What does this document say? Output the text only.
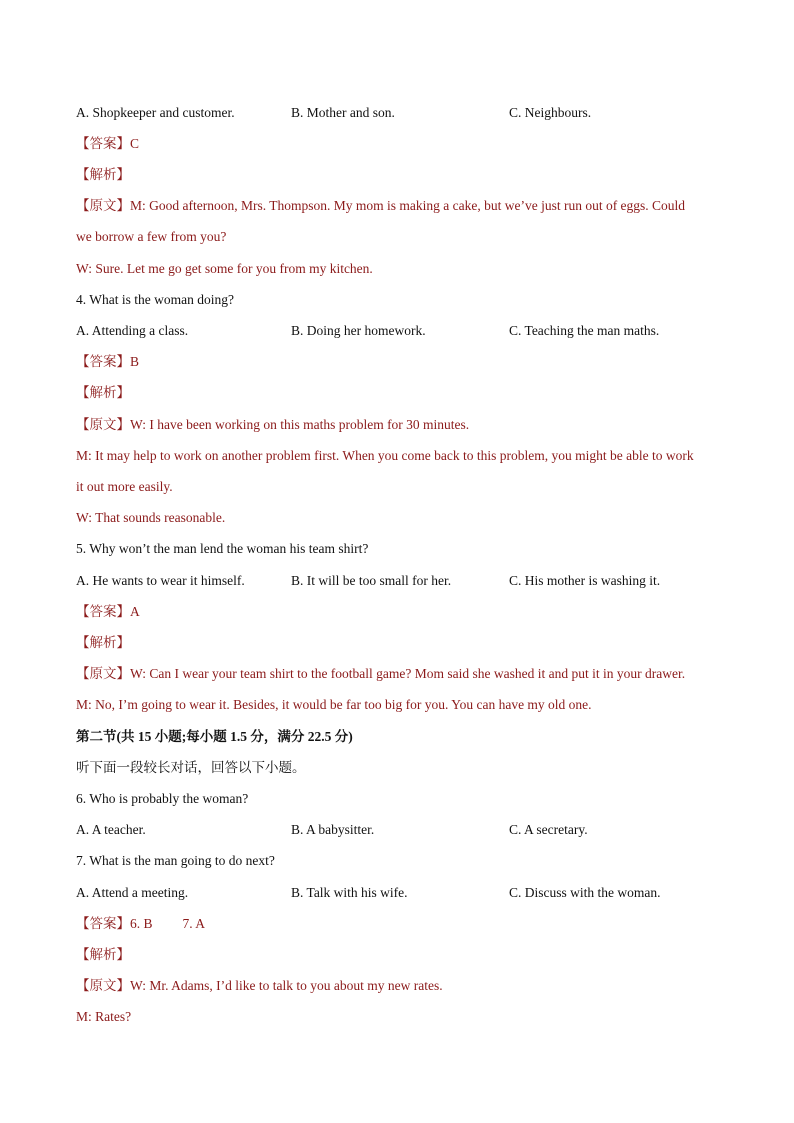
A. Shopkeeper and customer.	B. Mother and son.	C. Neighbours.
【答案】C
【解析】
【原文】M: Good afternoon, Mrs. Thompson. My mom is making a cake, but we’ve just run out of eggs. Could
we borrow a few from you?
W: Sure. Let me go get some for you from my kitchen.
4. What is the woman doing?
A. Attending a class.	B. Doing her homework.	C. Teaching the man maths.
【答案】B
【解析】
【原文】W: I have been working on this maths problem for 30 minutes.
M: It may help to work on another problem first. When you come back to this problem, you might be able to work
it out more easily.
W: That sounds reasonable.
5. Why won’t the man lend the woman his team shirt?
A. He wants to wear it himself.	B. It will be too small for her.	C. His mother is washing it.
【答案】A
【解析】
【原文】W: Can I wear your team shirt to the football game? Mom said she washed it and put it in your drawer.
M: No, I’m going to wear it. Besides, it would be far too big for you. You can have my old one.
第二节(共 15 小题;每小题 1.5 分，满分 22.5 分)
听下面一段较长对话，回答以下小题。
6. Who is probably the woman?
A. A teacher.	B. A babysitter.	C. A secretary.
7. What is the man going to do next?
A. Attend a meeting.	B. Talk with his wife.	C. Discuss with the woman.
【答案】6. B 7. A
【解析】
【原文】W: Mr. Adams, I’d like to talk to you about my new rates.
M: Rates?
